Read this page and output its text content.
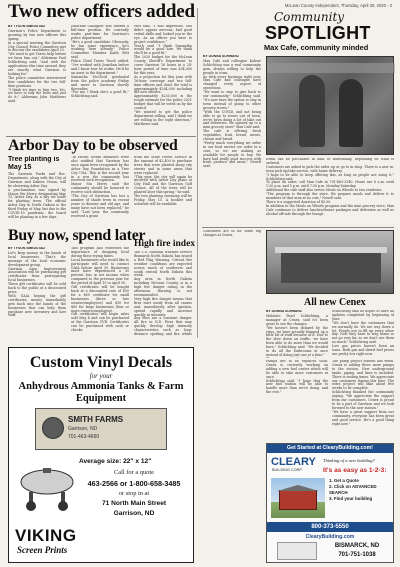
McLean County Independent, Thursday, April 30, 2020 - 3
Two new officers added
BY TYSON SMEDSTAD

Garrison's Police Department is growing by two new officers this spring.

In a special meeting the Garrison City Council Police Committee met to discuss the candidates April 23.

"We need to get Travis help before we burn him out," Alderman Paul Schlichting said, "And with the applications this time around, they are exactly what Garrison is looking for."

The police committee interviewed four candidates for the two full-time positions.

"I think it's time to hire two. Yes, we have to tidy the belts and just do it," Alderman John Matthews said.

Jonathan Gallagher was offered a full-time position. He currently works part-time for Garrison's police department.

"He's a good candidate. Obviously, he has some experience, he's working here already," Police Committee Member Kaith Witt said.

Police Chief Travis Teach added, "I've worked with Jonathan before and I know how he works. He'd be an asset to the department."

Samantha McCleod graduated from the police academy Friday and move to Garrison shortly thereafter.

"For me, I think she's a good fit," Schlichting said.

Witt said, "I was impressed. She didn't appear nervous, had good verbal skills and looked you in the eye. As an officer you have to project confidence."

Teach said "I think Samantha would be a good hire. We think she'll be a good fit."

The 2020 budget for the McLean County Sheriff's Department to cover Garrison 16 hours in a 24-hour period of time was $34,000 for this year.

As a projection for this year with 16-hour coverage and two full-time officers and chief, the total is approximately $284,000 including the new officers.

Approximately $235,000 is the rough estimate for the police 2021 budget that will be voted on by the council.

"We wanted to get the police department rolling, and I think we are rolling in the right direction," Matthews said.

Arbor Day to be observed
Tree planting is May 15

The Garrison Parks and Rec. Department, along with the City of Garrison and Dakota Vision, will be observing Arbor Day.

A proclamation was signed by Mayor Stu Merry, designating May 15, Arbor Day, as a day set aside for planting trees. The official Arbor Day in North Dakota is the third Friday of May, but due to the COVID-19 pandemic, the board will be planting in a few days.

"In recent weeks members were also notified that Garrison has once again been recognized by the Arbor Day Foundation as a Tree City USA. This is the second year in a row the community has received such recognition.

Mayor Stu Merry said the community should be honored to receive such distinction.

"The City of Garrison has lost a number of shade trees in recent years to disease and old age, and many have not been replaced," he said. "Last year, the community received a grant

from the State Forest Service in the amount of $2,400 to purchase trees that were planted along city streets and in some areas that were replaced.

"This year, the city will again be involved with Arbor Day plans at City Hall and the Garrison Golf Course. All of the trees will be planted later this spring," he said.

The tree planting ceremony will be Friday, May 15. A booklet and schedule will be available.

Buy now, spend later
BY TYSON SMEDSTAD

Let's keep money in the hands of local businesses. That's the message of the local economic development group.

Garrison Area Improvement Association will be purchasing gift certificates from participating local businesses.

These gift certificates will be sold back to the public at a discounted price.

With GAIA buying the gift certificates, money immediately gets back into the hands of the businesses that can help them purchase new inventory and hire staff.

This program also reiterates the importance of shopping local during these trying times.

Local businesses who would like to participate will need to contact GAIA before April 30. Businesses must have experienced a 30 percent loss in net income when compared to the previous year for the period of April 15 to April 30.

Gift certificates will be bought back at a discounted rate of $50 for a $60 certificate for small businesses (three or less owners/employees) and $50 for $60 for large businesses (four or more owners/employees).

Gift certificates will begin sales sold May 4 and can be purchased at the Garrison CVB. Certificates can be purchased with cash or checks.

High fire index

The U.S. National Weather Service Bismarck North Dakota has issued a Red Flag Warning. Critical fire weather conditions are expected across much of southwest and south central North Dakota this week.

Any area in North Dakota including McLean County, is in a high fire danger rating in the afternoon. Burning is not recommended.

Very high fire danger means that fires start easily from all causes and, immediately after ignition, spread rapidly and increase quickly in intensity.

Any fires are a constant danger. All fire in N.D. Fires that may quickly develop high intensity characteristics such as long-distance spotting and fire whirls

Community
SPOTLIGHT
Max Cafe, community minded
BY DONNA SCHWARZ

Max Cafe and colleague Kalene Schlichting was a real community gem, always willing to help the people in town.

As with every business right now, Max Cafe and colleague have changed every aspect of operations.

"We want to stay to give back to our community," Schlichting said. "It's now have the option to stay in town instead of going to other grocery stores."

"With the COVID, and not being able to go to stores out of town, we've been doing a lot of take out and deliveries. We opened up to a mini grocery store" Max Cafe said.

The cafe is offering fresh vegetables, fruit, bread, meats, cheese and bread.

"Pretty much everything we order in our food service we order in a case, so we are making as available for people to buy. We have had really good success with fresh produce and meat," Neuell said.

Items can be purchased in bulk or individually, depending on what is ordered.

Customers are asked to pick the order up or go to in shop. There is a new in-town pick up/take service, with home delivery.

"I hope to be able to keep offering this, as long as people are using it," Schlichting said.

To place an order, call Max Cafe at 701-463-2340. Hours are 6 a.m. until 1:30 p.m. and 5 p.m. until 7:30 p.m. Monday-Saturday.

Additional the cafe staff also serves Meals on Wheels to two residents.

"The program is through the state. We prepare meals and deliver it to members of that area at no cost," Neuell said.

There is a suggested donation of $5.50.

In addition to the Meals on Wheels program and the mini grocery store, Max Cafe continues to deliver lunches/dinner packages and deliveries as well as alcohol off-sale through the lounge.

Customers are in for some big changes at Cenex.

All new Cenex
BY DONNA SCHWARZ

Midstate Pearl Schlichting, a manager at Cenex, said it's been great to see the changes.

"We haven't been delayed by the virus, we have actually bumped up a little bit of stuff because of it. Due to the slow down on traffic, we have been able to do more than we would have," Schlichting said. "We decided to do all the bathrooms at once instead of doing just one at a time."

Schlichting said he hopes to have all updates completed by beginning of June.

"We don't have the customers that we normally do. We are way down a lot. People use to fill up every other day. Now they have to stay home or not go very far, so we don't see them as much," Schlichting said.

Low gas prices haven't been an issue. Both gas and diesel fuel prices are pretty low right now.

Pumps are to be replaced soon. Cenex is currently working on adding a new fuel center which will be able to take more customers at once.

Schlichting said, "I hope that the new fuel station will be able to handle more than we're doing, and the rest."

The pump project started last week. Cenex is adding three more pumps to the station. New underground tanks, piping, and lines is included. There is ending times. We appreciate our customers during this time. The extra project will take about five weeks to be complete.

Schlichting thanked the community saying, "We appreciate the support from our customers. Cenex is proud to be a part of Garrison and we look forward to the new station."

"We have a great support from our community, everyone has been great and good service. He's a good thing right now."

Custom Vinyl Decals
for your
Anhydrous Ammonia Tanks & Farm Equipment
SMITH FARMS
Garrison, ND
701-463-4660
Average size: 22" x 12"
Call for a quote
463-2566 or 1-800-658-3485
or stop in at
71 North Main Street
Garrison, ND
VIKING
Screen Prints
Get Started at ClearyBuilding.com!
CLEARY
BUILDING CORP.
Thinking of a new building?
It's as easy as 1-2-3:
1. Get a Quote
2. Click on ADVANCED SEARCH
3. Find your building
800-373-5550
ClearyBuilding.com
BISMARCK, ND
701-751-1038
